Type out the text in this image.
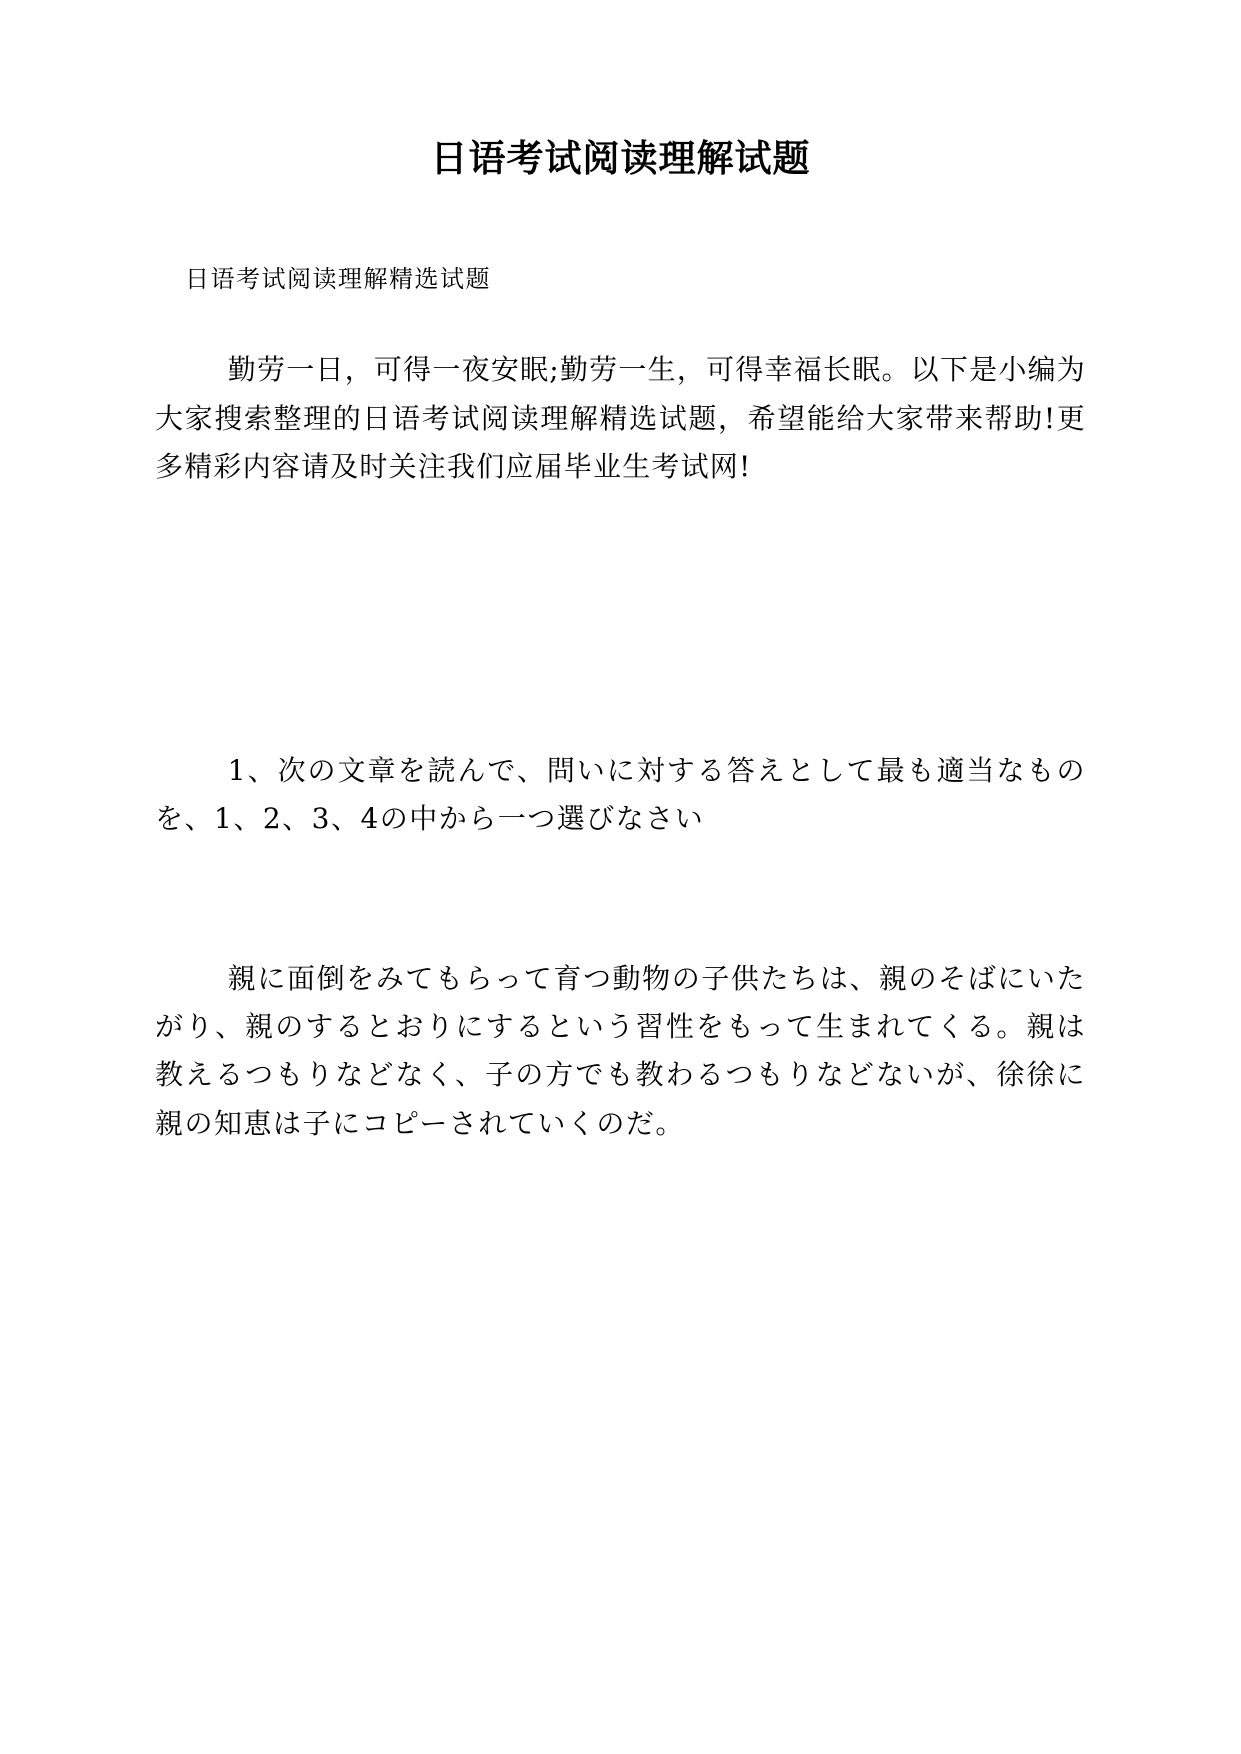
日语考试阅读理解试题

日语考试阅读理解精选试题

勤劳一日，可得一夜安眠;勤劳一生，可得幸福长眠。以下是小编为大家搜索整理的日语考试阅读理解精选试题，希望能给大家带来帮助!更多精彩内容请及时关注我们应届毕业生考试网!

1、次の文章を読んで、問いに対する答えとして最も適当なものを、1、2、3、4の中から一つ選びなさい

親に面倒をみてもらって育つ動物の子供たちは、親のそばにいたがり、親のするとおりにするという習性をもって生まれてくる。親は教えるつもりなどなく、子の方でも教わるつもりなどないが、徐徐に親の知恵は子にコピーされていくのだ。
